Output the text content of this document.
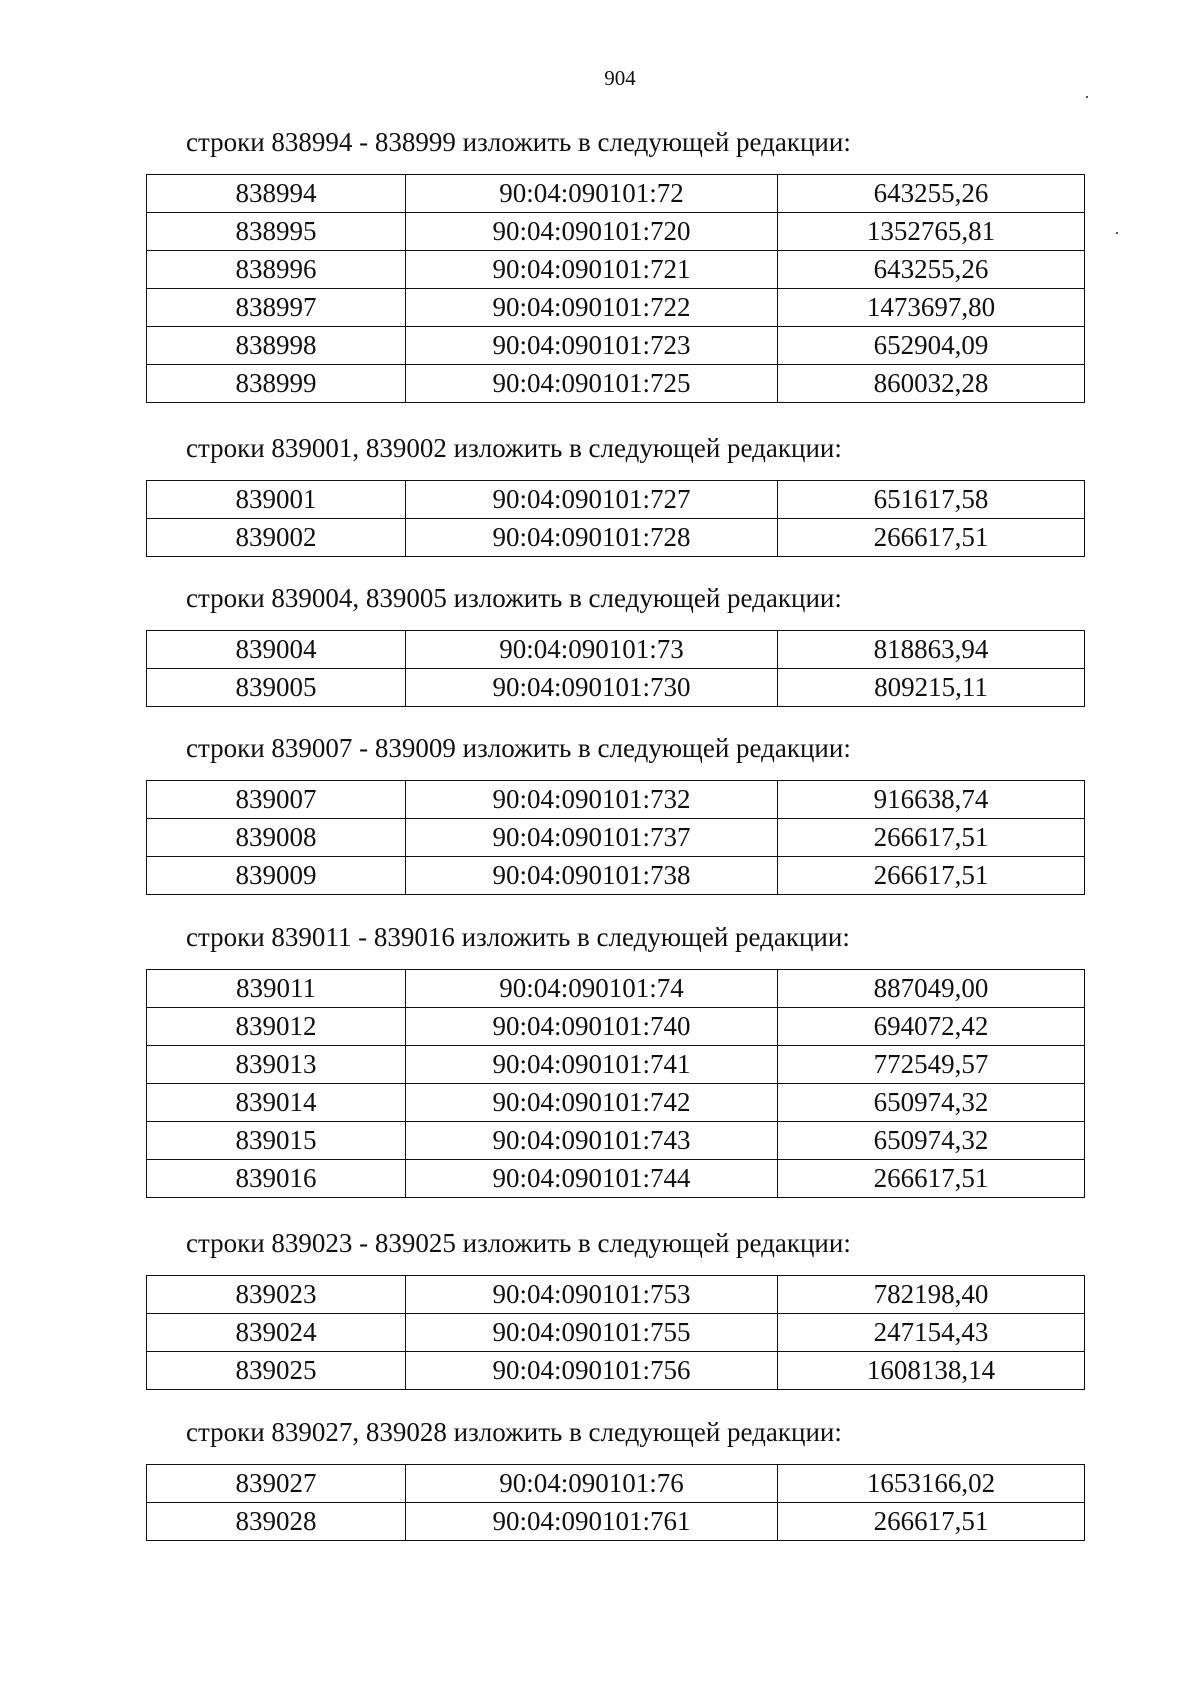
904
строки 838994 - 838999 изложить в следующей редакции:
838994	90:04:090101:72	643255,26
838995	90:04:090101:720	1352765,81
838996	90:04:090101:721	643255,26
838997	90:04:090101:722	1473697,80
838998	90:04:090101:723	652904,09
838999	90:04:090101:725	860032,28
строки 839001, 839002 изложить в следующей редакции:
839001	90:04:090101:727	651617,58
839002	90:04:090101:728	266617,51
строки 839004, 839005 изложить в следующей редакции:
839004	90:04:090101:73	818863,94
839005	90:04:090101:730	809215,11
строки 839007 - 839009 изложить в следующей редакции:
839007	90:04:090101:732	916638,74
839008	90:04:090101:737	266617,51
839009	90:04:090101:738	266617,51
строки 839011 - 839016 изложить в следующей редакции:
839011	90:04:090101:74	887049,00
839012	90:04:090101:740	694072,42
839013	90:04:090101:741	772549,57
839014	90:04:090101:742	650974,32
839015	90:04:090101:743	650974,32
839016	90:04:090101:744	266617,51
строки 839023 - 839025 изложить в следующей редакции:
839023	90:04:090101:753	782198,40
839024	90:04:090101:755	247154,43
839025	90:04:090101:756	1608138,14
строки 839027, 839028 изложить в следующей редакции:
839027	90:04:090101:76	1653166,02
839028	90:04:090101:761	266617,51
